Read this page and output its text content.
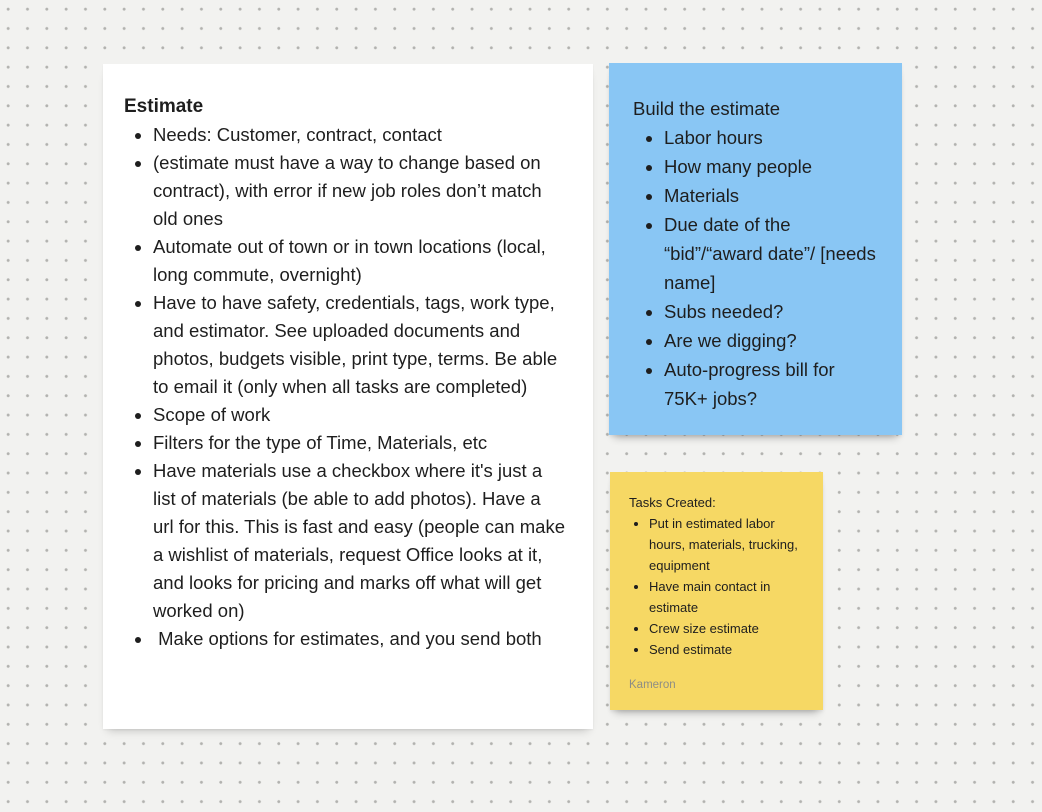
Estimate
• Needs: Customer, contract, contact
• (estimate must have a way to change based on contract), with error if new job roles don’t match old ones
• Automate out of town or in town locations (local, long commute, overnight)
• Have to have safety, credentials, tags, work type, and estimator. See uploaded documents and photos, budgets visible, print type, terms. Be able to email it (only when all tasks are completed)
• Scope of work
• Filters for the type of Time, Materials, etc
• Have materials use a checkbox where it's just a list of materials (be able to add photos). Have a url for this. This is fast and easy (people can make a wishlist of materials, request Office looks at it, and looks for pricing and marks off what will get worked on)
•  Make options for estimates, and you send both
Build the estimate
• Labor hours
• How many people
• Materials
• Due date of the “bid”/“award date”/ [needs name]
• Subs needed?
• Are we digging?
• Auto-progress bill for 75K+ jobs?
Tasks Created:
• Put in estimated labor hours, materials, trucking, equipment
• Have main contact in estimate
• Crew size estimate
• Send estimate
Kameron
